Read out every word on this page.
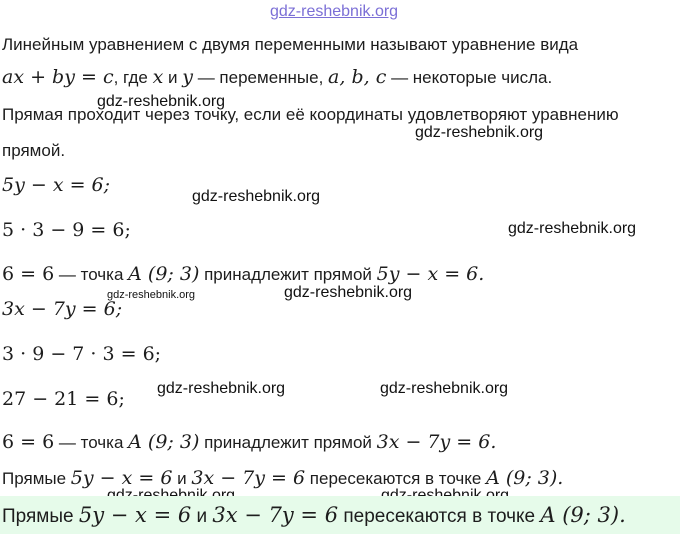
gdz-reshebnik.org
gdz-reshebnik.org
gdz-reshebnik.org
gdz-reshebnik.org
gdz-reshebnik.org
gdz-reshebnik.org	gdz-reshebnik.org
gdz-reshebnik.org	gdz-reshebnik.org
Линейным уравнением с двумя переменными называют уравнение вида
ax + by = c, где x и y — переменные, a, b, c — некоторые числа.
Прямая проходит через точку, если её координаты удовлетворяют уравнению
прямой.
5y − x = 6;
5 · 3 − 9 = 6;
6 = 6 — точка A (9; 3) принадлежит прямой 5y − x = 6.
3x − 7y = 6;
3 · 9 − 7 · 3 = 6;
27 − 21 = 6;
6 = 6 — точка A (9; 3) принадлежит прямой 3x − 7y = 6.
Прямые 5y − x = 6 и 3x − 7y = 6 пересекаются в точке A (9; 3).
Прямые 5y − x = 6 и 3x − 7y = 6 пересекаются в точке A (9; 3).
